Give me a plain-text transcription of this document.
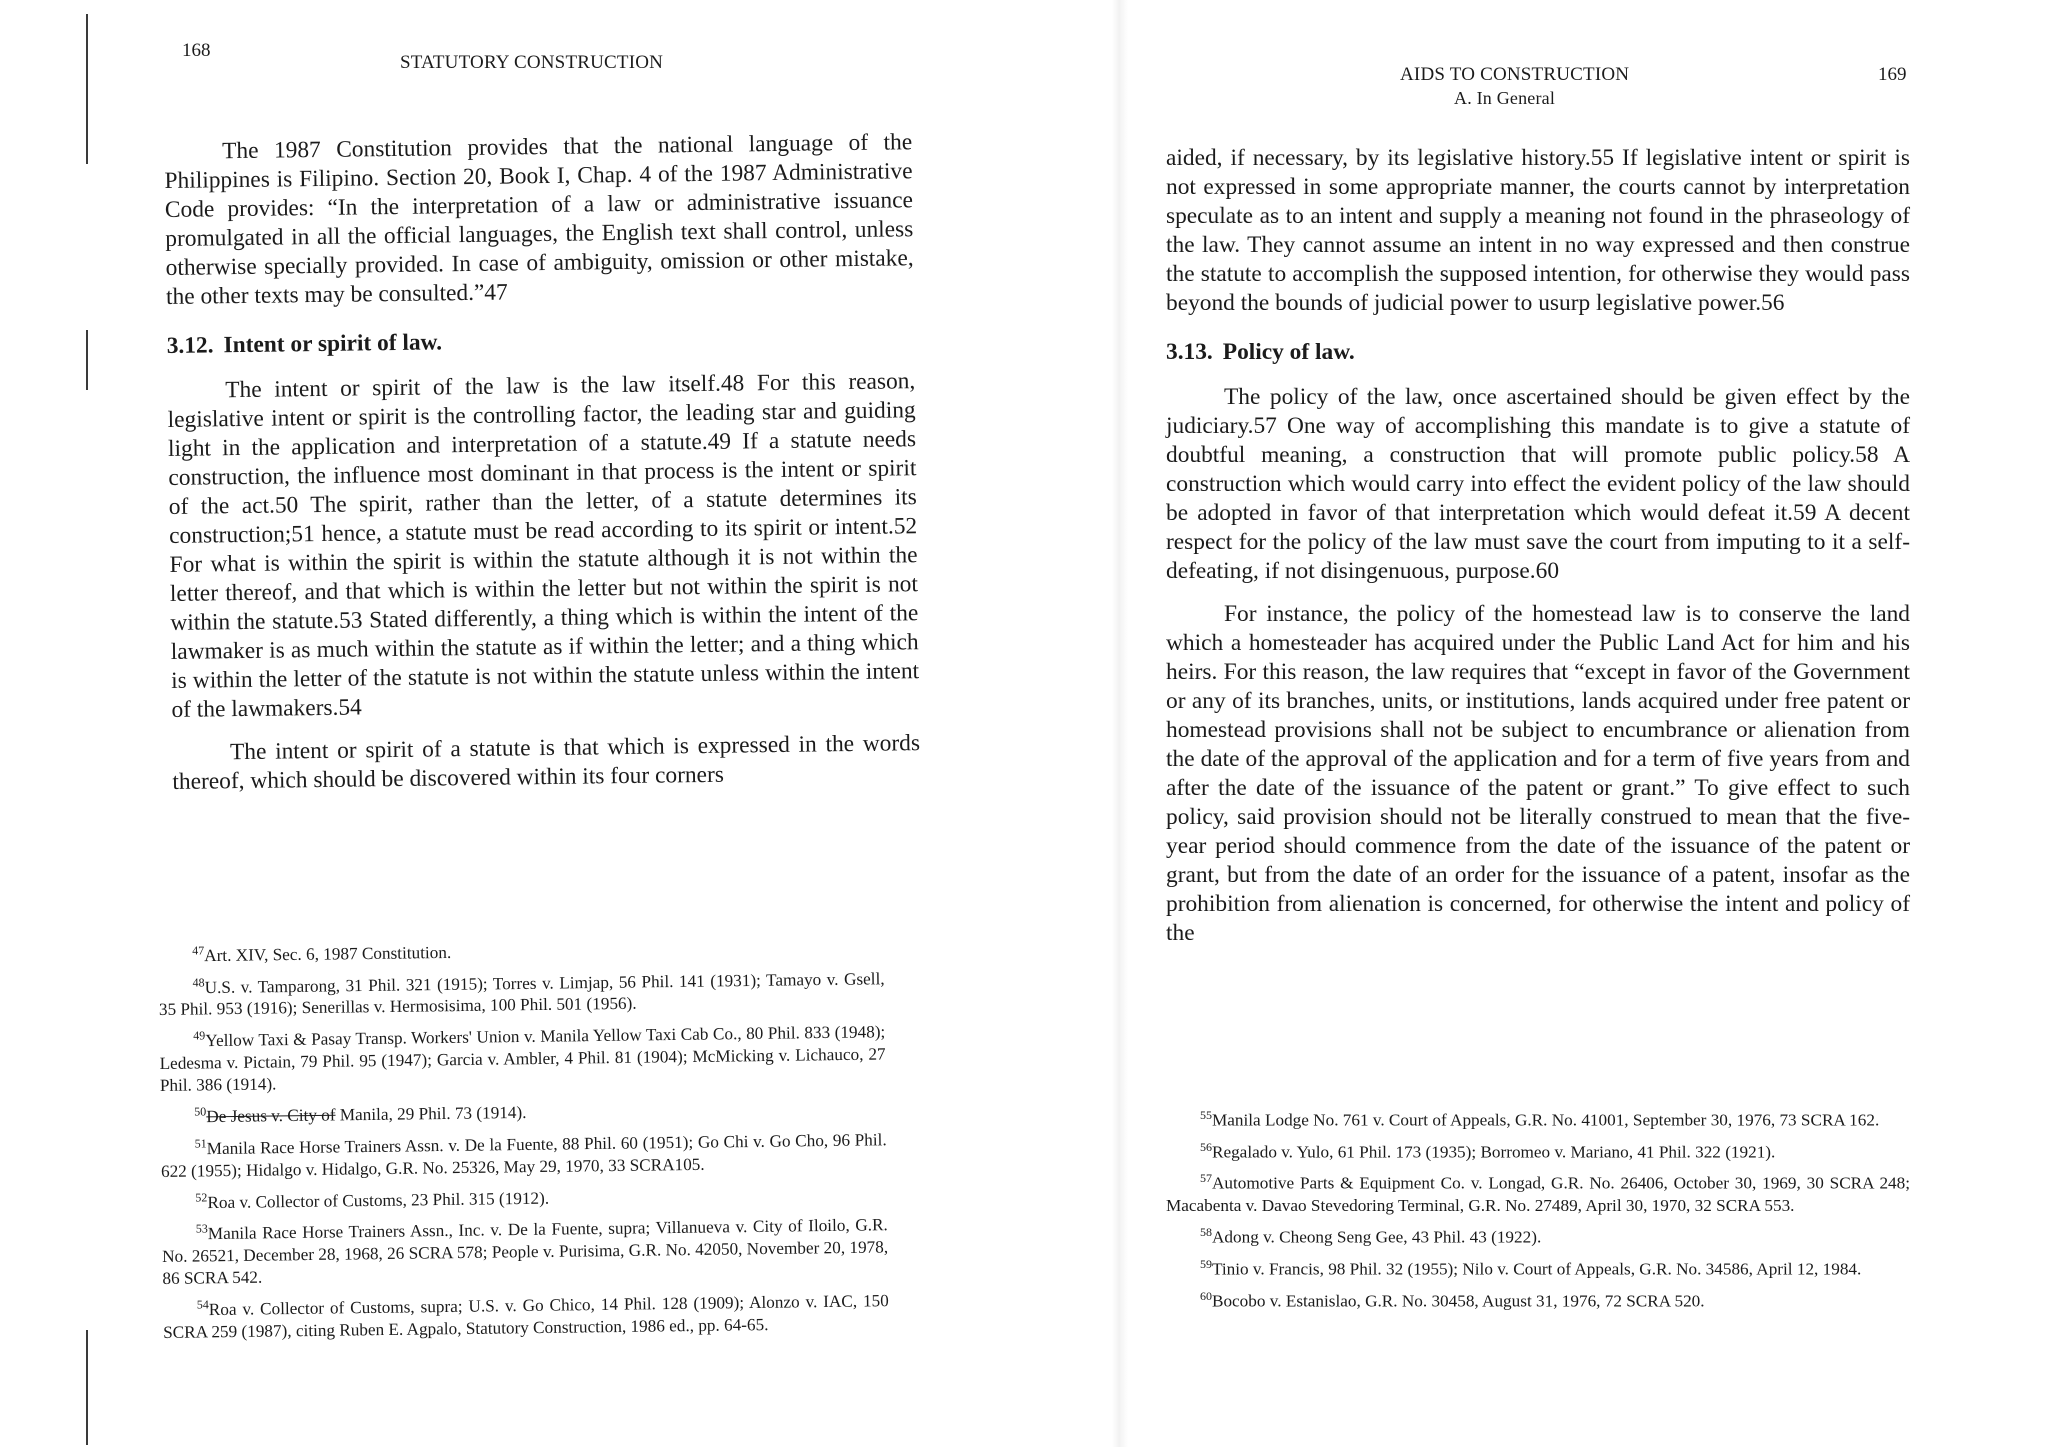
168
STATUTORY CONSTRUCTION

The 1987 Constitution provides that the national language of the Philippines is Filipino. Section 20, Book I, Chap. 4 of the 1987 Administrative Code provides: “In the interpretation of a law or administrative issuance promulgated in all the official languages, the English text shall control, unless otherwise specially provided. In case of ambiguity, omission or other mistake, the other texts may be consulted.”47

3.12. Intent or spirit of law.

The intent or spirit of the law is the law itself.48 For this reason, legislative intent or spirit is the controlling factor, the leading star and guiding light in the application and interpretation of a statute.49 If a statute needs construction, the influence most dominant in that process is the intent or spirit of the act.50 The spirit, rather than the letter, of a statute determines its construction;51 hence, a statute must be read according to its spirit or intent.52 For what is within the spirit is within the statute although it is not within the letter thereof, and that which is within the letter but not within the spirit is not within the statute.53 Stated differently, a thing which is within the intent of the lawmaker is as much within the statute as if within the letter; and a thing which is within the letter of the statute is not within the statute unless within the intent of the lawmakers.54

The intent or spirit of a statute is that which is expressed in the words thereof, which should be discovered within its four corners

$^{47}$Art. XIV, Sec. 6, 1987 Constitution.

$^{48}$U.S. v. Tamparong, 31 Phil. 321 (1915); Torres v. Limjap, 56 Phil. 141 (1931); Tamayo v. Gsell, 35 Phil. 953 (1916); Senerillas v. Hermosisima, 100 Phil. 501 (1956).

$^{49}$Yellow Taxi & Pasay Transp. Workers' Union v. Manila Yellow Taxi Cab Co., 80 Phil. 833 (1948); Ledesma v. Pictain, 79 Phil. 95 (1947); Garcia v. Ambler, 4 Phil. 81 (1904); McMicking v. Lichauco, 27 Phil. 386 (1914).

$^{50}$De Jesus v. City of Manila, 29 Phil. 73 (1914).

$^{51}$Manila Race Horse Trainers Assn. v. De la Fuente, 88 Phil. 60 (1951); Go Chi v. Go Cho, 96 Phil. 622 (1955); Hidalgo v. Hidalgo, G.R. No. 25326, May 29, 1970, 33 SCRA105.

$^{52}$Roa v. Collector of Customs, 23 Phil. 315 (1912).

$^{53}$Manila Race Horse Trainers Assn., Inc. v. De la Fuente, supra; Villanueva v. City of Iloilo, G.R. No. 26521, December 28, 1968, 26 SCRA 578; People v. Purisima, G.R. No. 42050, November 20, 1978, 86 SCRA 542.

$^{54}$Roa v. Collector of Customs, supra; U.S. v. Go Chico, 14 Phil. 128 (1909); Alonzo v. IAC, 150 SCRA 259 (1987), citing Ruben E. Agpalo, Statutory Construction, 1986 ed., pp. 64-65.

AIDS TO CONSTRUCTION
A. In General
169

aided, if necessary, by its legislative history.55 If legislative intent or spirit is not expressed in some appropriate manner, the courts cannot by interpretation speculate as to an intent and supply a meaning not found in the phraseology of the law. They cannot assume an intent in no way expressed and then construe the statute to accomplish the supposed intention, for otherwise they would pass beyond the bounds of judicial power to usurp legislative power.56

3.13. Policy of law.

The policy of the law, once ascertained should be given effect by the judiciary.57 One way of accomplishing this mandate is to give a statute of doubtful meaning, a construction that will promote public policy.58 A construction which would carry into effect the evident policy of the law should be adopted in favor of that interpretation which would defeat it.59 A decent respect for the policy of the law must save the court from imputing to it a self-defeating, if not disingenuous, purpose.60

For instance, the policy of the homestead law is to conserve the land which a homesteader has acquired under the Public Land Act for him and his heirs. For this reason, the law requires that “except in favor of the Government or any of its branches, units, or institutions, lands acquired under free patent or homestead provisions shall not be subject to encumbrance or alienation from the date of the approval of the application and for a term of five years from and after the date of the issuance of the patent or grant.” To give effect to such policy, said provision should not be literally construed to mean that the five-year period should commence from the date of the issuance of the patent or grant, but from the date of an order for the issuance of a patent, insofar as the prohibition from alienation is concerned, for otherwise the intent and policy of the

$^{55}$Manila Lodge No. 761 v. Court of Appeals, G.R. No. 41001, September 30, 1976, 73 SCRA 162.

$^{56}$Regalado v. Yulo, 61 Phil. 173 (1935); Borromeo v. Mariano, 41 Phil. 322 (1921).

$^{57}$Automotive Parts & Equipment Co. v. Longad, G.R. No. 26406, October 30, 1969, 30 SCRA 248; Macabenta v. Davao Stevedoring Terminal, G.R. No. 27489, April 30, 1970, 32 SCRA 553.

$^{58}$Adong v. Cheong Seng Gee, 43 Phil. 43 (1922).

$^{59}$Tinio v. Francis, 98 Phil. 32 (1955); Nilo v. Court of Appeals, G.R. No. 34586, April 12, 1984.

$^{60}$Bocobo v. Estanislao, G.R. No. 30458, August 31, 1976, 72 SCRA 520.
